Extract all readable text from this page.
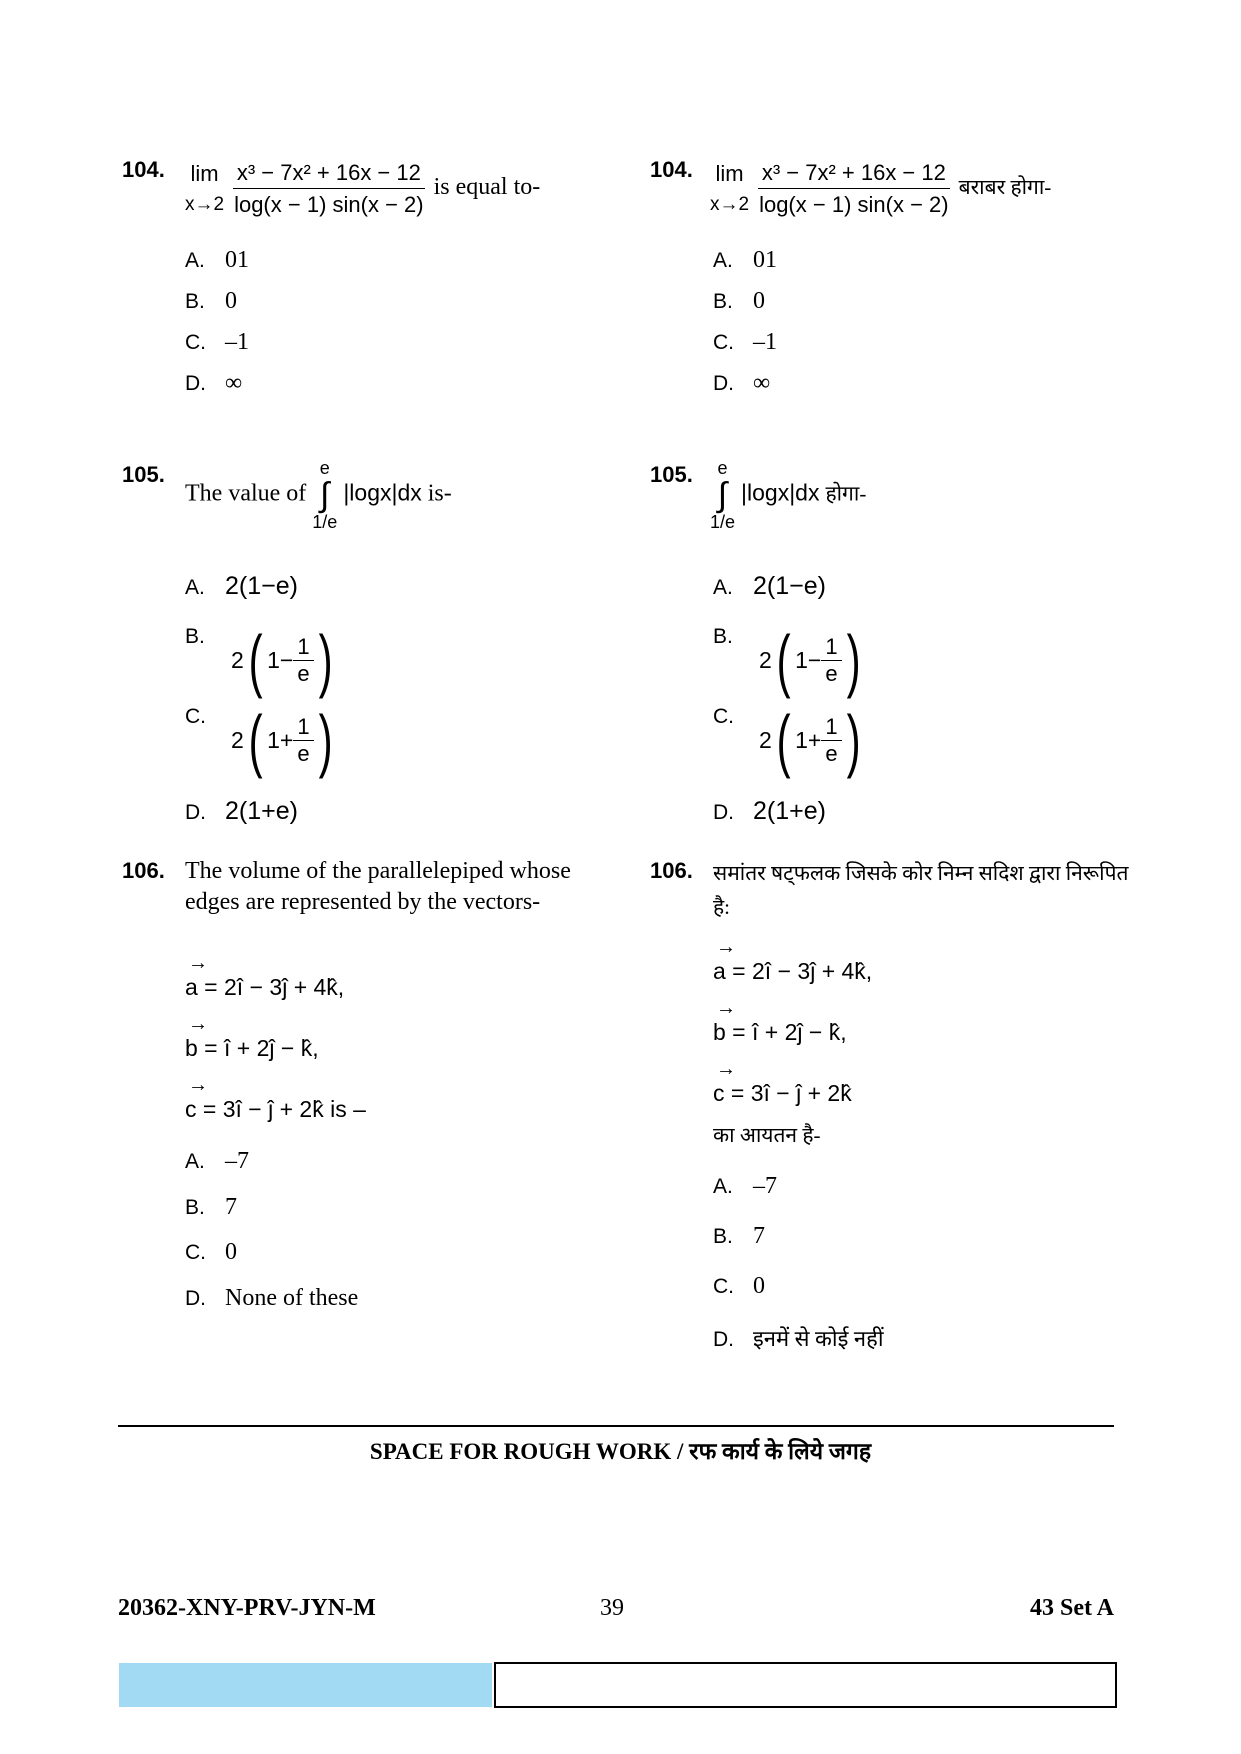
104. lim
x→2
$\frac{\text{x³ − 7x² + 16x − 12}}{\log(x - 1) \sin(x - 2)}$ is equal to-
A. 01
B. 0
C. –1
D. ∞
105.
The value of
e
∫
1/e
|logx|dx is-
A. 2(1−e)
B.
2 ( $1- \frac{1}{e}$ )
C.
2 ( $1+ \frac{1}{e}$ )
D. 2(1+e)
106. The volume of the parallelepiped whose edges are represented by the vectors-
→
a = 2î − 3ĵ + 4k̂,
→
b = î + 2ĵ − k̂,
→
c = 3î − ĵ + 2k̂ is –
A. –7
B. 7
C. 0
D. None of these
104. lim
x→2
$\frac{\text{x³ − 7x² + 16x − 12}}{\log(x - 1) \sin(x - 2)}$ बराबर होगा-
A. 01
B. 0
C. –1
D. ∞
105. e
∫
1/e
|logx|dx होगा-
A. 2(1−e)
B.
2 ( $1- \frac{1}{e}$ )
C.
2 ( $1+ \frac{1}{e}$ )
D. 2(1+e)
106. समांतर षट्फलक जिसके कोर निम्न सदिश द्वारा निरूपित है:
→
a = 2î − 3ĵ + 4k̂,
→
b = î + 2ĵ − k̂,
→
c = 3î − ĵ + 2k̂
का आयतन है-
A. –7
B. 7
C. 0
D. इनमें से कोई नहीं
SPACE FOR ROUGH WORK / रफ कार्य के लिये जगह
20362-XNY-PRV-JYN-M	39	43 Set A
